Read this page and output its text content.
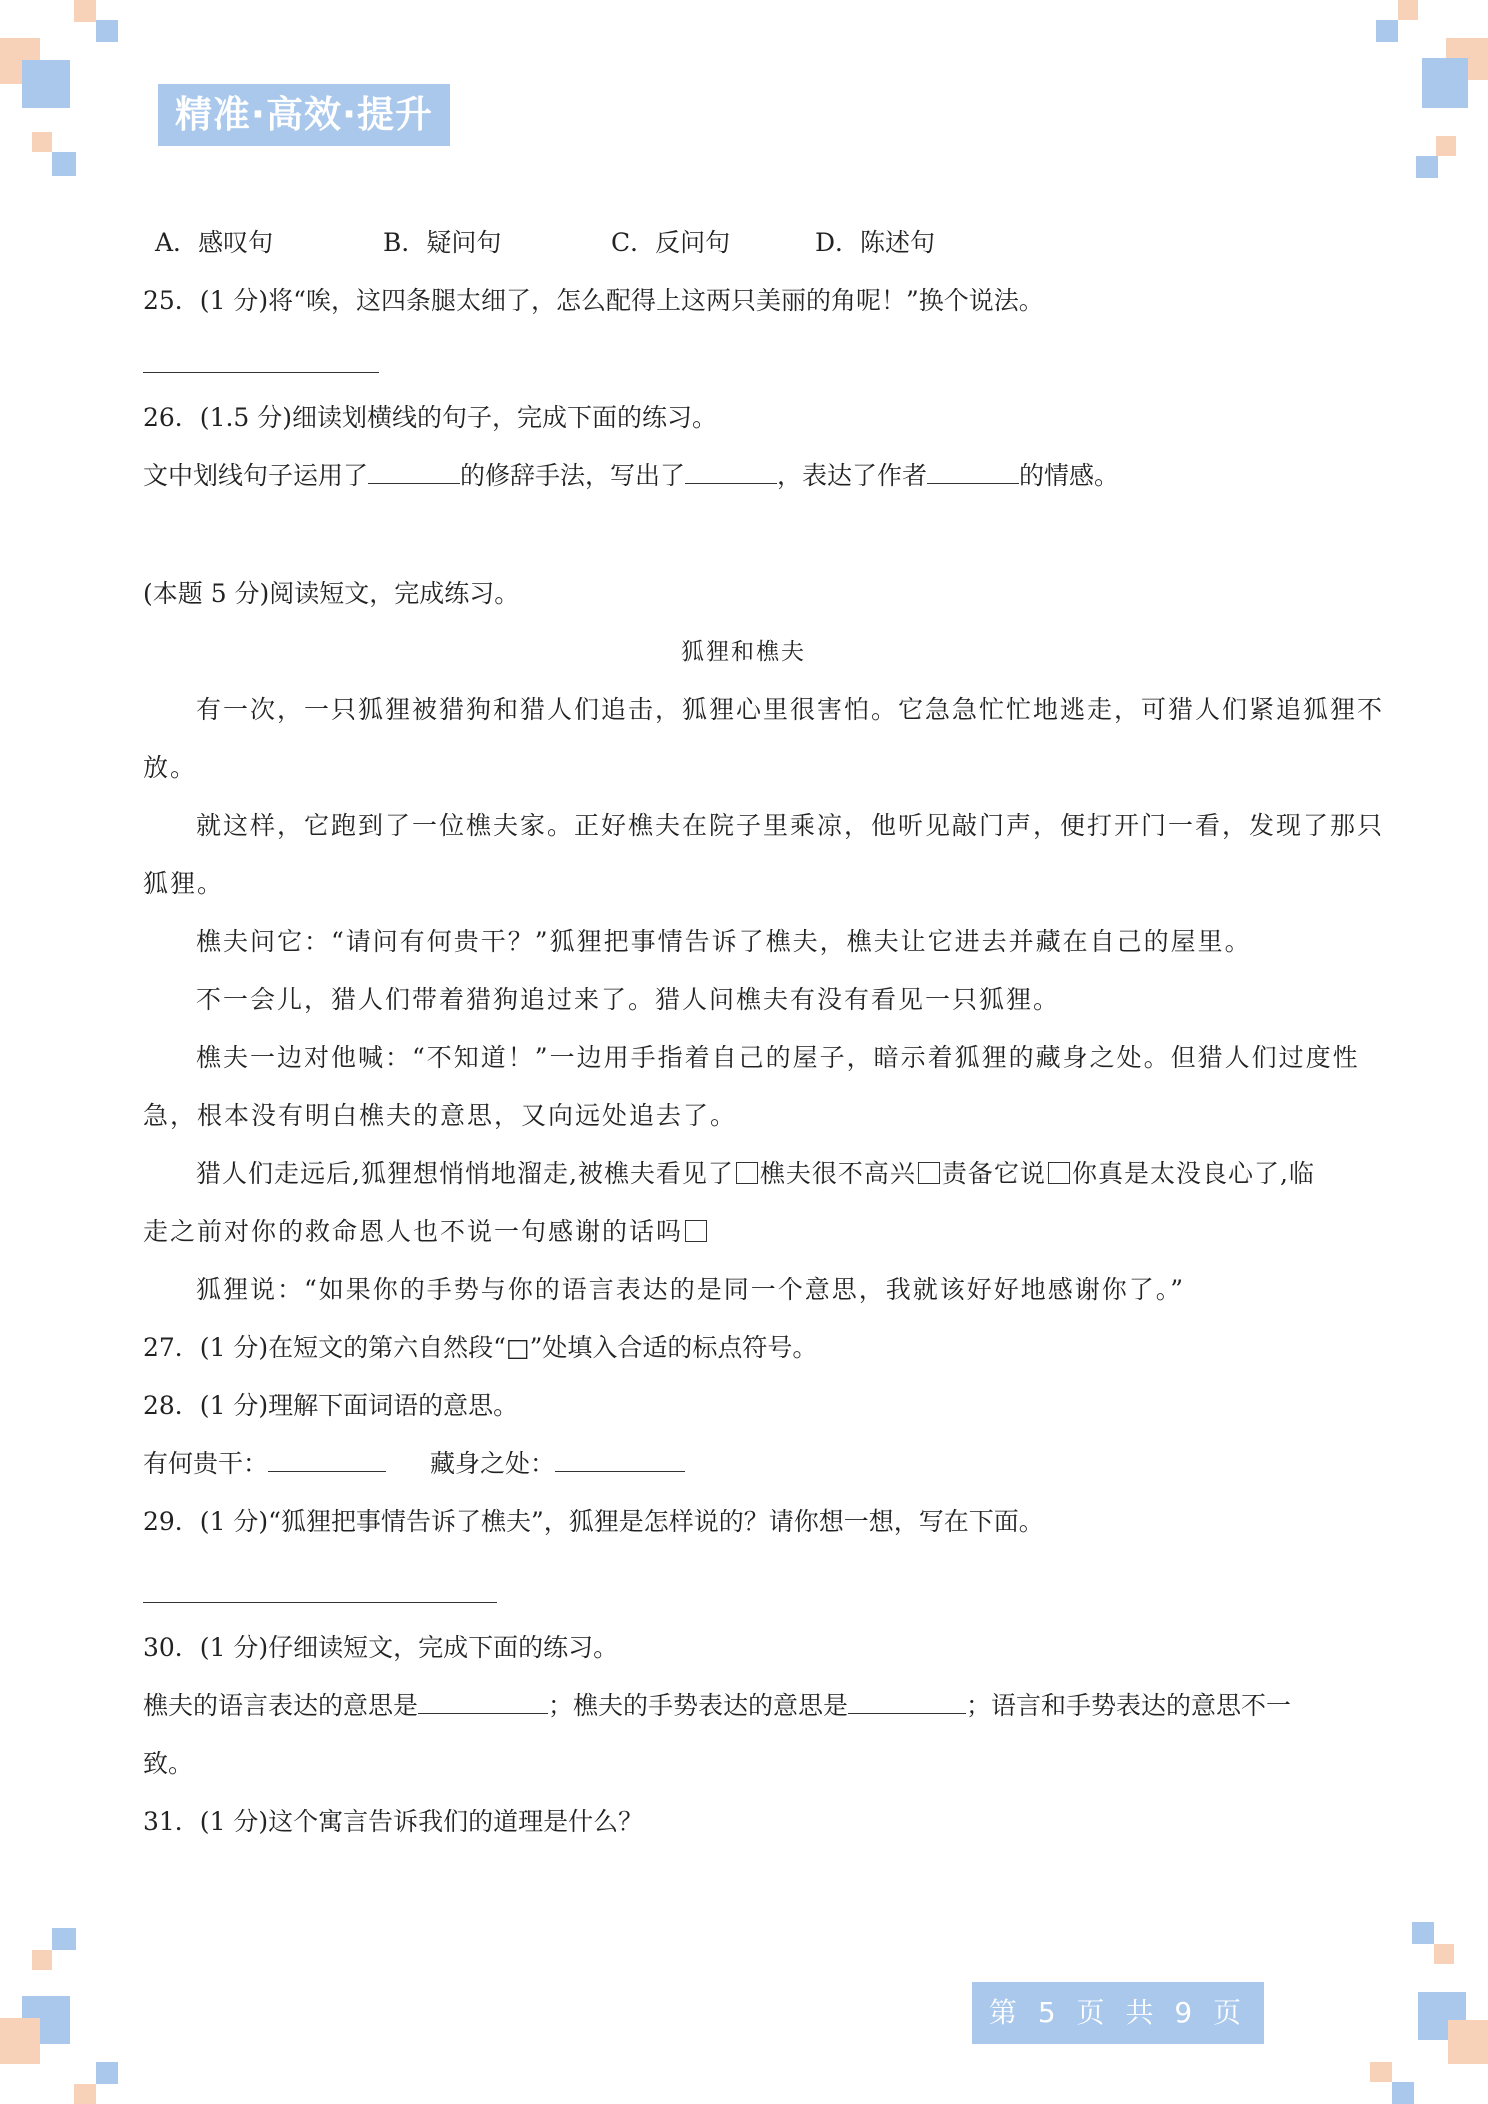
精准·高效·提升
A．感叹句	B．疑问句	C．反问句	D．陈述句
25．(1 分)将“唉，这四条腿太细了，怎么配得上这两只美丽的角呢！”换个说法。
26．(1.5 分)细读划横线的句子，完成下面的练习。
文中划线句子运用了	的修辞手法，写出了	，表达了作者	的情感。
(本题 5 分)阅读短文，完成练习。
狐狸和樵夫
有一次，一只狐狸被猎狗和猎人们追击，狐狸心里很害怕。它急急忙忙地逃走，可猎人们紧追狐狸不
放。
就这样，它跑到了一位樵夫家。正好樵夫在院子里乘凉，他听见敲门声，便打开门一看，发现了那只
狐狸。
樵夫问它：“请问有何贵干？”狐狸把事情告诉了樵夫，樵夫让它进去并藏在自己的屋里。
不一会儿，猎人们带着猎狗追过来了。猎人问樵夫有没有看见一只狐狸。
樵夫一边对他喊：“不知道！”一边用手指着自己的屋子，暗示着狐狸的藏身之处。但猎人们过度性
急，根本没有明白樵夫的意思，又向远处追去了。
猎人们走远后,狐狸想悄悄地溜走,被樵夫看见了 樵夫很不高兴 责备它说 你真是太没良心了,临
走之前对你的救命恩人也不说一句感谢的话吗
狐狸说：“如果你的手势与你的语言表达的是同一个意思，我就该好好地感谢你了。”
27．(1 分)在短文的第六自然段“□”处填入合适的标点符号。
28．(1 分)理解下面词语的意思。
有何贵干：	藏身之处：
29．(1 分)“狐狸把事情告诉了樵夫”，狐狸是怎样说的？请你想一想，写在下面。
30．(1 分)仔细读短文，完成下面的练习。
樵夫的语言表达的意思是	；樵夫的手势表达的意思是	；语言和手势表达的意思不一
致。
31．(1 分)这个寓言告诉我们的道理是什么？
第 5 页 共 9 页
